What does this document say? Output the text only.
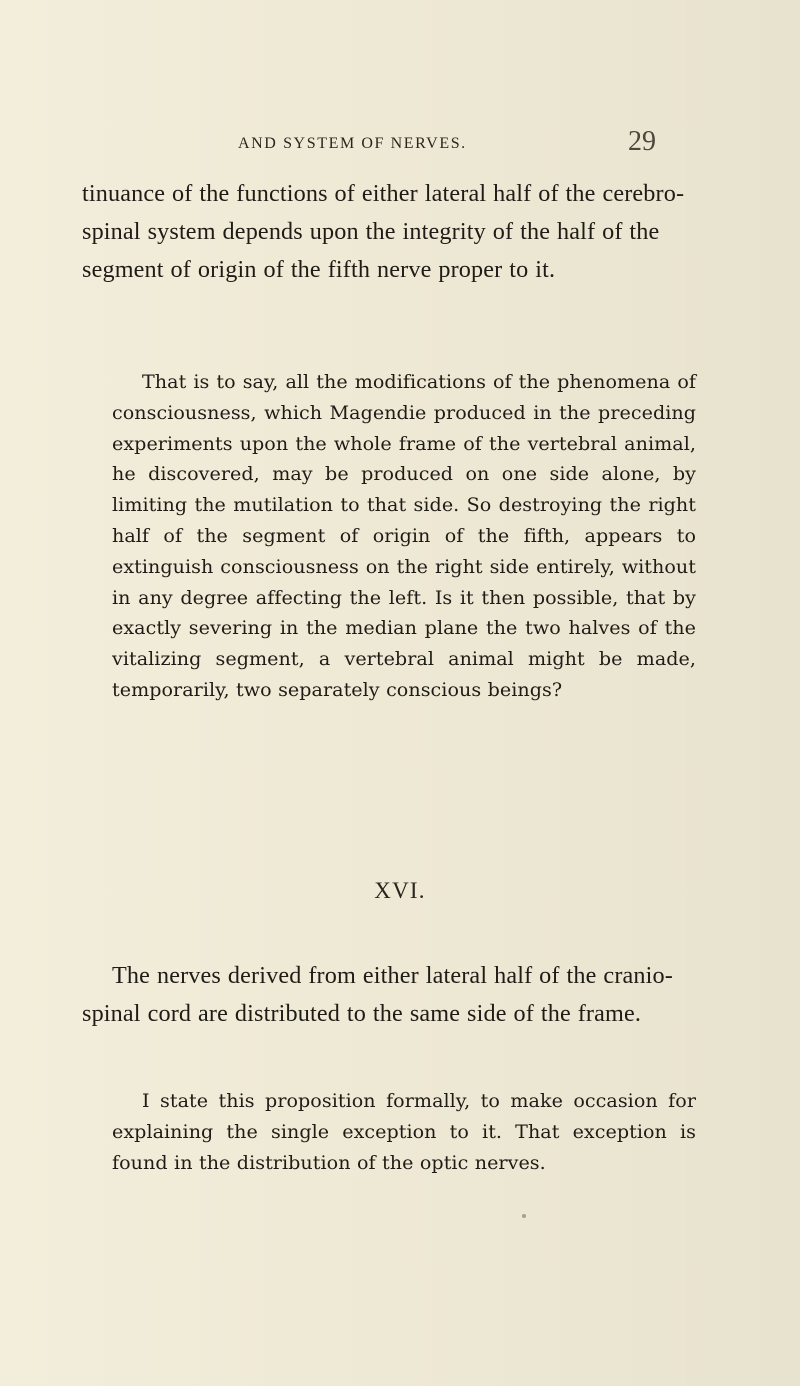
AND SYSTEM OF NERVES.	29

tinuance of the functions of either lateral half of the cerebro-spinal system depends upon the integrity of the half of the segment of origin of the fifth nerve proper to it.

That is to say, all the modifications of the phenomena of consciousness, which Magendie produced in the preceding experiments upon the whole frame of the vertebral animal, he discovered, may be produced on one side alone, by limiting the mutilation to that side. So destroying the right half of the segment of origin of the fifth, appears to extinguish consciousness on the right side entirely, without in any degree affecting the left. Is it then possible, that by exactly severing in the median plane the two halves of the vitalizing segment, a vertebral animal might be made, temporarily, two separately conscious beings?

XVI.

The nerves derived from either lateral half of the cranio-spinal cord are distributed to the same side of the frame.

I state this proposition formally, to make occasion for explaining the single exception to it. That exception is found in the distribution of the optic nerves.
